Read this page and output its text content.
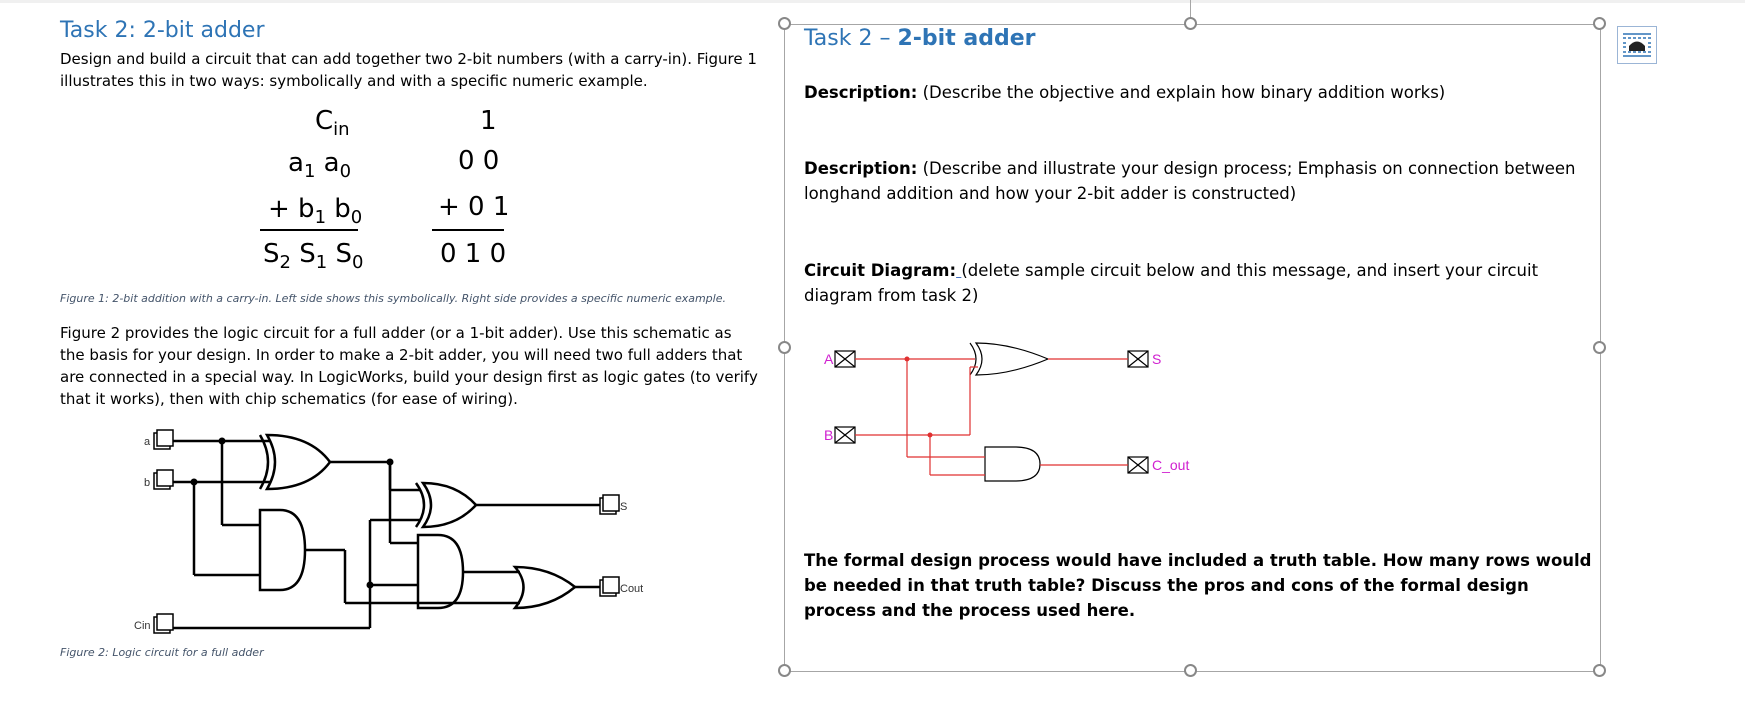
Task 2: 2-bit adder

Design and build a circuit that can add together two 2-bit numbers (with a carry-in). Figure 1 illustrates this in two ways: symbolically and with a specific numeric example.

$C_{in}$
$a_1$ $a_0$
+ $b_1$ $b_0$
$S_2$ $S_1$ $S_0$
1
0 0
+ 0 1
0 1 0
Figure 1: 2-bit addition with a carry-in. Left side shows this symbolically. Right side provides a specific numeric example.

Figure 2 provides the logic circuit for a full adder (or a 1-bit adder). Use this schematic as the basis for your design. In order to make a 2-bit adder, you will need two full adders that are connected in a special way. In LogicWorks, build your design first as logic gates (to verify that it works), then with chip schematics (for ease of wiring).

a
b
Cin
S
Cout
Figure 2: Logic circuit for a full adder
Task 2 – 2-bit adder
Description: (Describe the objective and explain how binary addition works)
Description: (Describe and illustrate your design process; Emphasis on connection between longhand addition and how your 2-bit adder is constructed)
Circuit Diagram: (delete sample circuit below and this message, and insert your circuit diagram from task 2)
A
B
S
C_out
The formal design process would have included a truth table. How many rows would be needed in that truth table? Discuss the pros and cons of the formal design process and the process used here.
